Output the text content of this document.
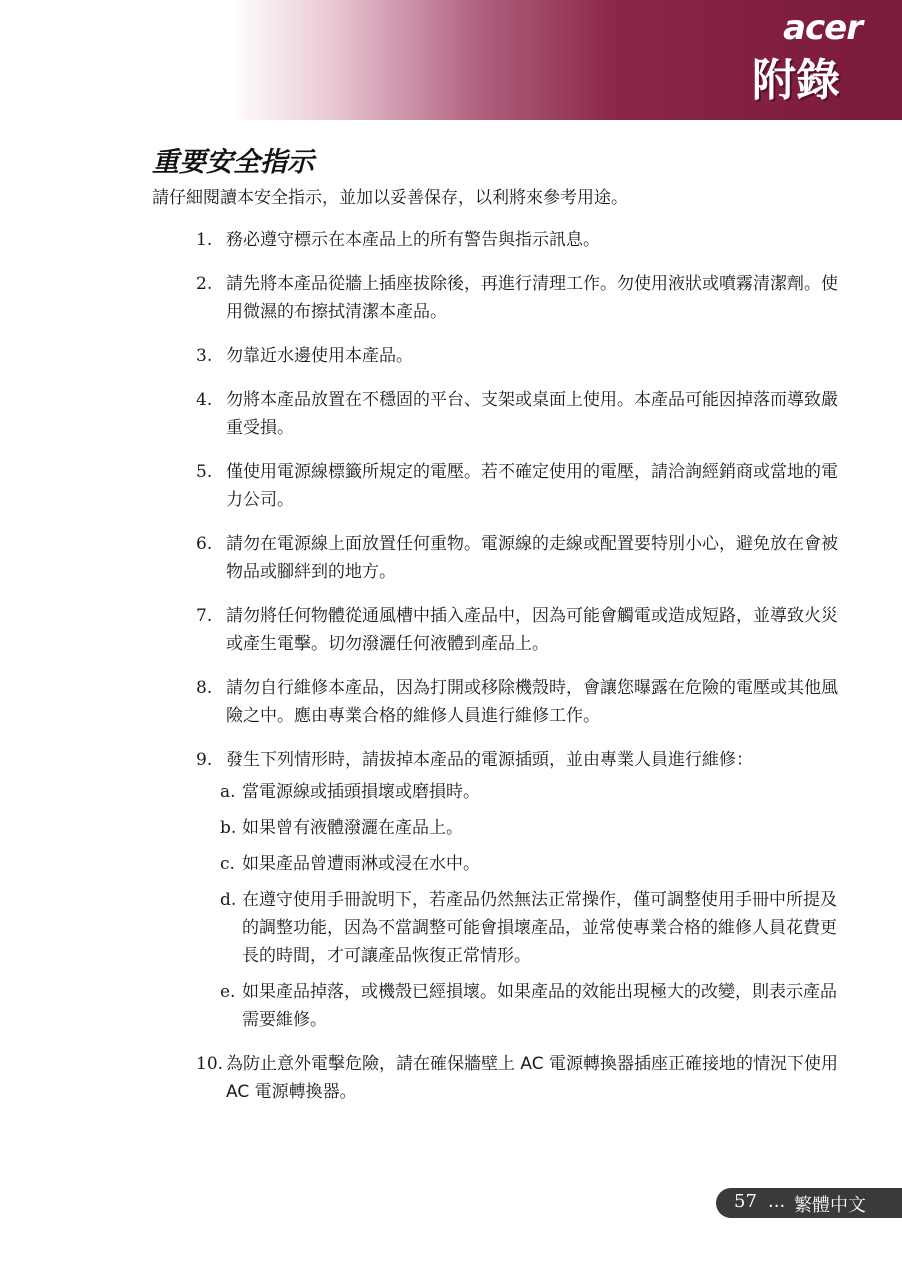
acer
附錄
重要安全指示
請仔細閱讀本安全指示，並加以妥善保存，以利將來參考用途。
1. 務必遵守標示在本產品上的所有警告與指示訊息。
2. 請先將本產品從牆上插座拔除後，再進行清理工作。勿使用液狀或噴霧清潔劑。使用微濕的布擦拭清潔本產品。
3. 勿靠近水邊使用本產品。
4. 勿將本產品放置在不穩固的平台、支架或桌面上使用。本產品可能因掉落而導致嚴重受損。
5. 僅使用電源線標籤所規定的電壓。若不確定使用的電壓，請洽詢經銷商或當地的電力公司。
6. 請勿在電源線上面放置任何重物。電源線的走線或配置要特別小心，避免放在會被物品或腳絆到的地方。
7. 請勿將任何物體從通風槽中插入產品中，因為可能會觸電或造成短路，並導致火災或產生電擊。切勿潑灑任何液體到產品上。
8. 請勿自行維修本產品，因為打開或移除機殼時，會讓您曝露在危險的電壓或其他風險之中。應由專業合格的維修人員進行維修工作。
9. 發生下列情形時，請拔掉本產品的電源插頭，並由專業人員進行維修：
a. 當電源線或插頭損壞或磨損時。
b. 如果曾有液體潑灑在產品上。
c. 如果產品曾遭雨淋或浸在水中。
d. 在遵守使用手冊說明下，若產品仍然無法正常操作，僅可調整使用手冊中所提及的調整功能，因為不當調整可能會損壞產品，並常使專業合格的維修人員花費更長的時間，才可讓產品恢復正常情形。
e. 如果產品掉落，或機殼已經損壞。如果產品的效能出現極大的改變，則表示產品需要維修。
10. 為防止意外電擊危險，請在確保牆壁上 AC 電源轉換器插座正確接地的情況下使用 AC 電源轉換器。
57 ... 繁體中文
